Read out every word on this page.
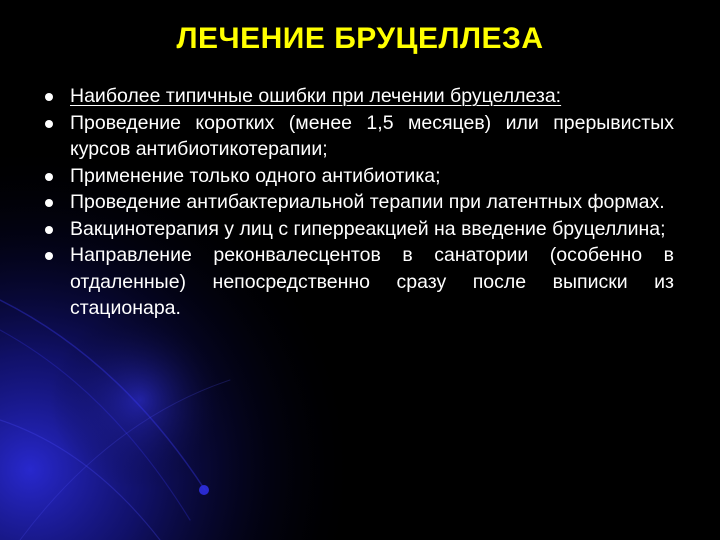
ЛЕЧЕНИЕ БРУЦЕЛЛЕЗА
Наиболее типичные ошибки при лечении бруцеллеза:
Проведение коротких (менее 1,5 месяцев) или прерывистых курсов антибиотикотерапии;
Применение только одного антибиотика;
Проведение антибактериальной терапии при латентных формах.
Вакцинотерапия у лиц с гиперреакцией на введение бруцеллина;
Направление реконвалесцентов в санатории (особенно в отдаленные) непосредственно сразу после выписки из стационара.
